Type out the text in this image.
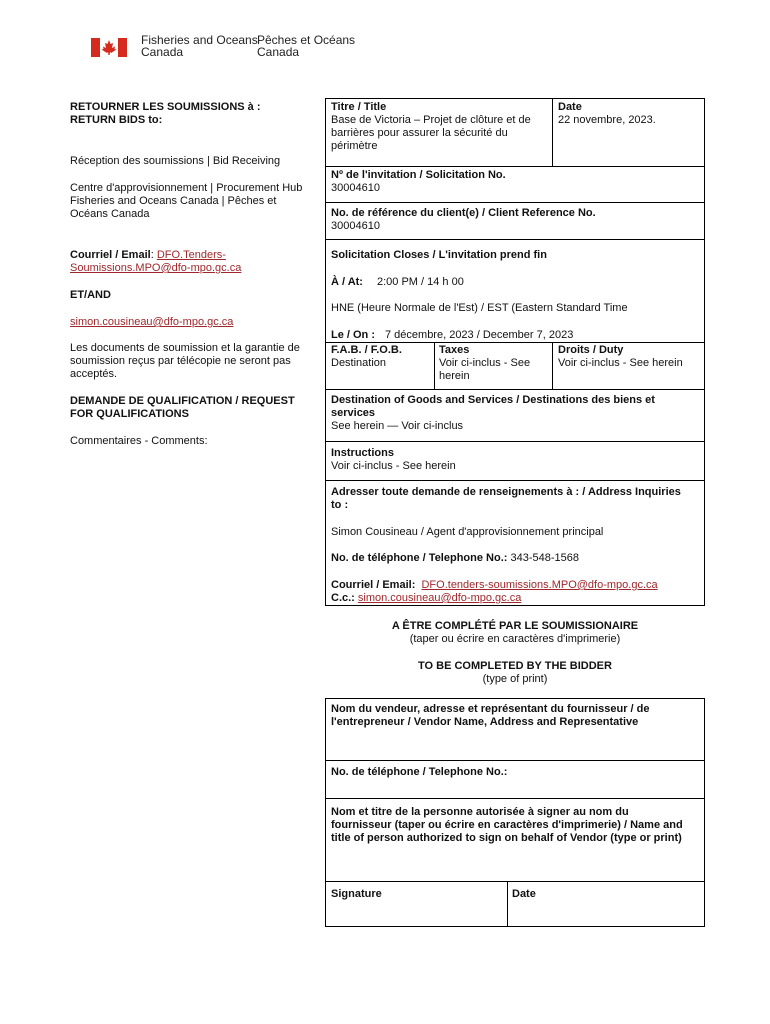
Fisheries and Oceans
Canada
Pêches et Océans
Canada
RETOURNER LES SOUMISSIONS à :
RETURN BIDS to:
Réception des soumissions | Bid Receiving
Centre d'approvisionnement | Procurement Hub
Fisheries and Oceans Canada | Pêches et
Océans Canada
Courriel / Email: DFO.Tenders-
Soumissions.MPO@dfo-mpo.gc.ca
ET/AND
simon.cousineau@dfo-mpo.gc.ca
Les documents de soumission et la garantie de
soumission reçus par télécopie ne seront pas
acceptés.
DEMANDE DE QUALIFICATION / REQUEST
FOR QUALIFICATIONS
Commentaires - Comments:
Titre / Title
Base de Victoria – Projet de clôture et de
barrières pour assurer la sécurité du
périmètre
Date
22 novembre, 2023.
Nº de l'invitation / Solicitation No.
30004610
No. de référence du client(e) / Client Reference No.
30004610
Solicitation Closes / L'invitation prend fin
À / At: 2:00 PM / 14 h 00
HNE (Heure Normale de l'Est) / EST (Eastern Standard Time
Le / On : 7 décembre, 2023 / December 7, 2023
F.A.B. / F.O.B.
Destination
Taxes
Voir ci-inclus - See
herein
Droits / Duty
Voir ci-inclus - See herein
Destination of Goods and Services / Destinations des biens et
services
See herein — Voir ci-inclus
Instructions
Voir ci-inclus - See herein
Adresser toute demande de renseignements à : / Address Inquiries
to :
Simon Cousineau / Agent d'approvisionnement principal
No. de téléphone / Telephone No.: 343-548-1568
Courriel / Email: DFO.tenders-soumissions.MPO@dfo-mpo.gc.ca
C.c.: simon.cousineau@dfo-mpo.gc.ca
A ÊTRE COMPLÉTÉ PAR LE SOUMISSIONAIRE
(taper ou écrire en caractères d'imprimerie)
TO BE COMPLETED BY THE BIDDER
(type of print)
Nom du vendeur, adresse et représentant du fournisseur / de
l'entrepreneur / Vendor Name, Address and Representative
No. de téléphone / Telephone No.:
Nom et titre de la personne autorisée à signer au nom du
fournisseur (taper ou écrire en caractères d'imprimerie) / Name and
title of person authorized to sign on behalf of Vendor (type or print)
Signature	Date
